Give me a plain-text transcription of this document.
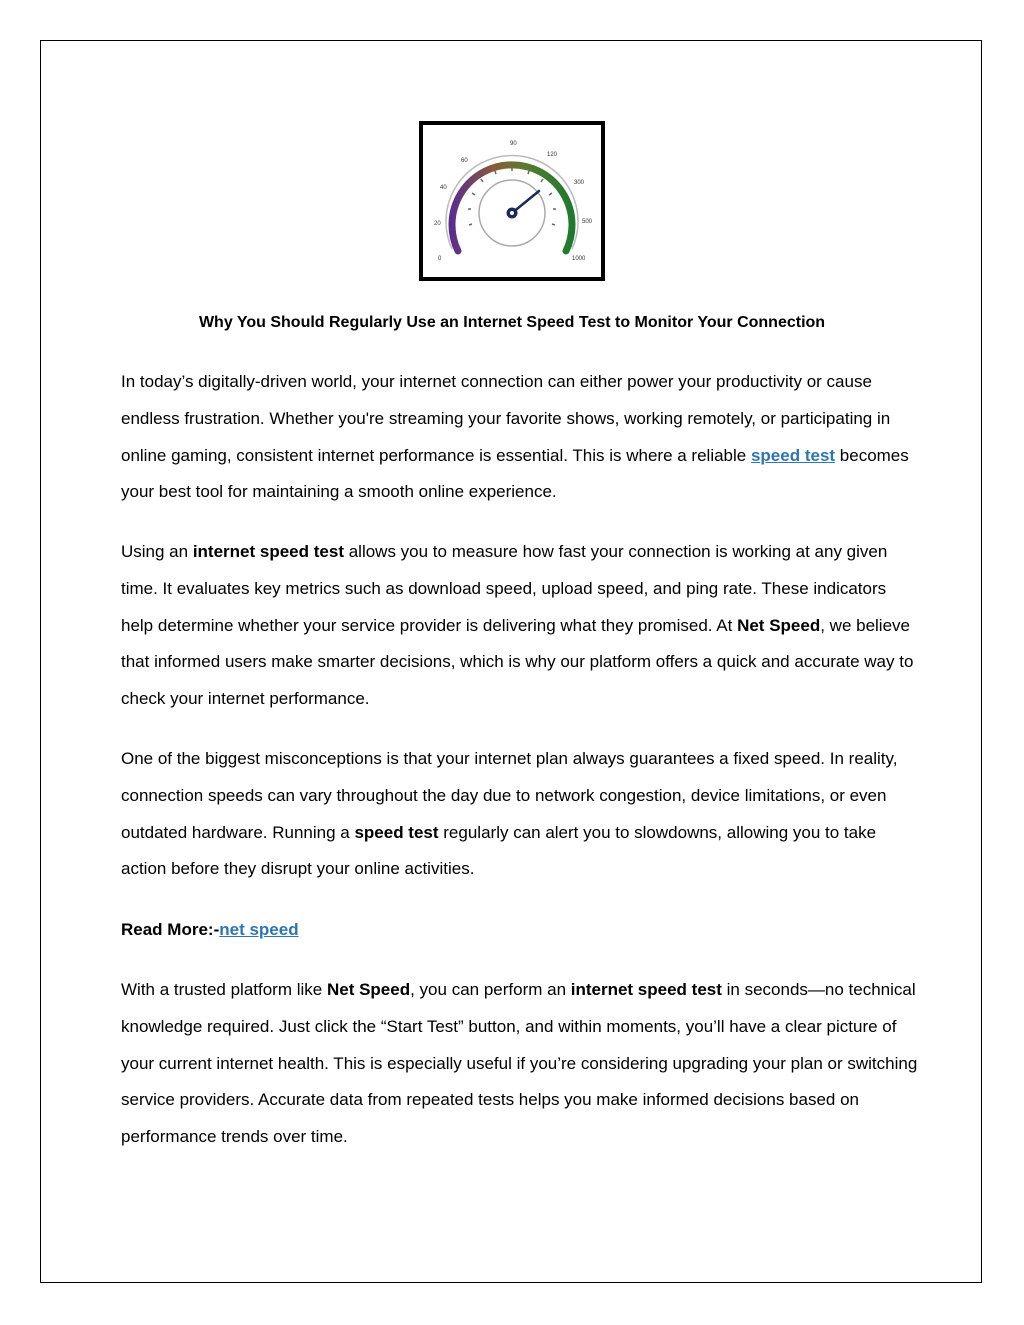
0
20
40
60
90
120
300
500
1000
Why You Should Regularly Use an Internet Speed Test to Monitor Your Connection

In today’s digitally-driven world, your internet connection can either power your productivity or cause endless frustration. Whether you're streaming your favorite shows, working remotely, or participating in online gaming, consistent internet performance is essential. This is where a reliable speed test becomes your best tool for maintaining a smooth online experience.

Using an internet speed test allows you to measure how fast your connection is working at any given time. It evaluates key metrics such as download speed, upload speed, and ping rate. These indicators help determine whether your service provider is delivering what they promised. At Net Speed, we believe that informed users make smarter decisions, which is why our platform offers a quick and accurate way to check your internet performance.

One of the biggest misconceptions is that your internet plan always guarantees a fixed speed. In reality, connection speeds can vary throughout the day due to network congestion, device limitations, or even outdated hardware. Running a speed test regularly can alert you to slowdowns, allowing you to take action before they disrupt your online activities.

Read More:-net speed

With a trusted platform like Net Speed, you can perform an internet speed test in seconds—no technical knowledge required. Just click the “Start Test” button, and within moments, you’ll have a clear picture of your current internet health. This is especially useful if you’re considering upgrading your plan or switching service providers. Accurate data from repeated tests helps you make informed decisions based on performance trends over time.
